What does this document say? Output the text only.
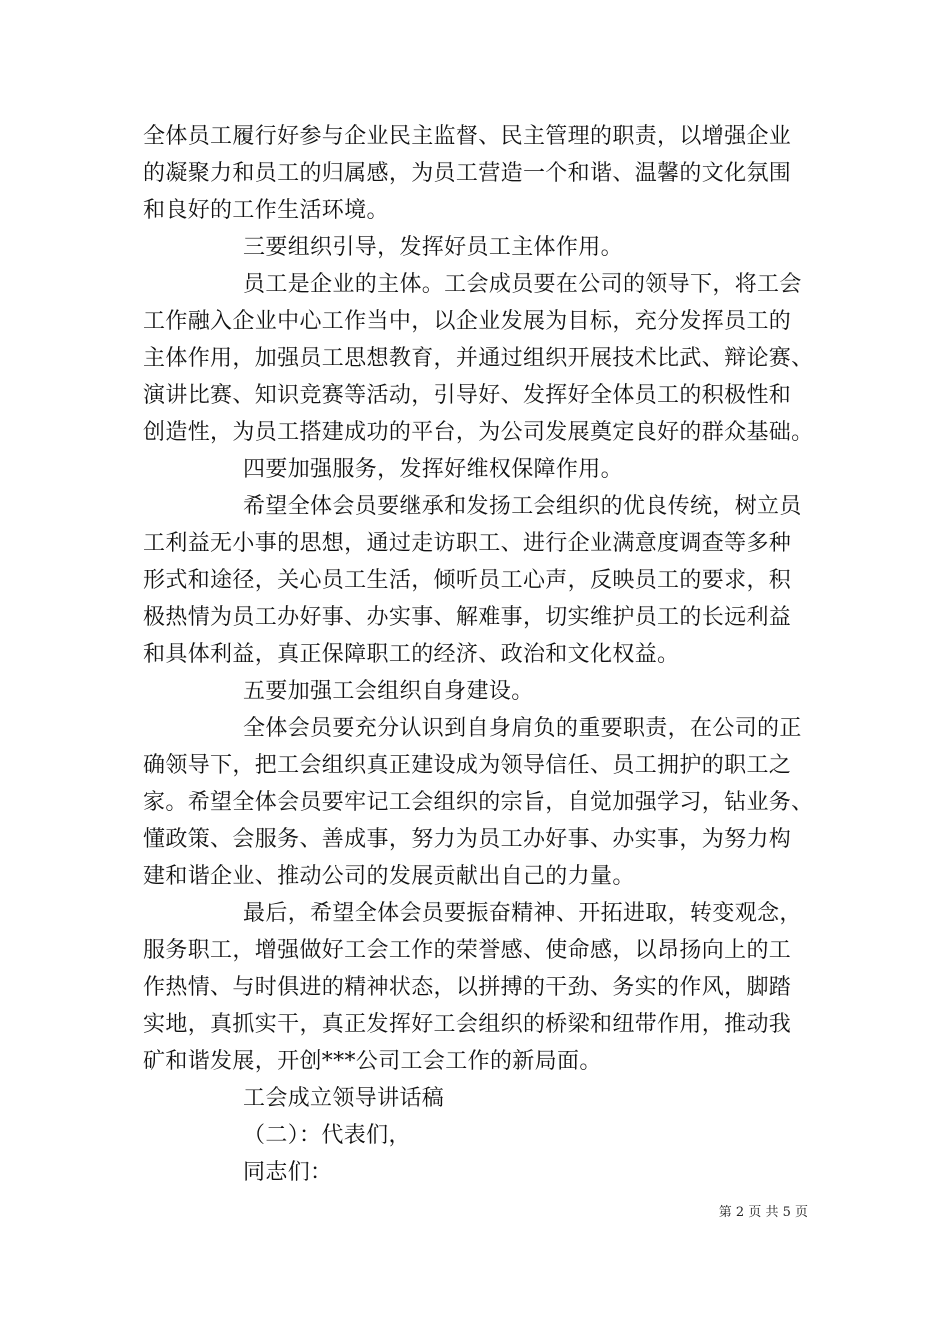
全体员工履行好参与企业民主监督、民主管理的职责，以增强企业
的凝聚力和员工的归属感，为员工营造一个和谐、温馨的文化氛围
和良好的工作生活环境。
三要组织引导，发挥好员工主体作用。
员工是企业的主体。工会成员要在公司的领导下，将工会
工作融入企业中心工作当中，以企业发展为目标，充分发挥员工的
主体作用，加强员工思想教育，并通过组织开展技术比武、辩论赛、
演讲比赛、知识竞赛等活动，引导好、发挥好全体员工的积极性和
创造性，为员工搭建成功的平台，为公司发展奠定良好的群众基础。
四要加强服务，发挥好维权保障作用。
希望全体会员要继承和发扬工会组织的优良传统，树立员
工利益无小事的思想，通过走访职工、进行企业满意度调查等多种
形式和途径，关心员工生活，倾听员工心声，反映员工的要求，积
极热情为员工办好事、办实事、解难事，切实维护员工的长远利益
和具体利益，真正保障职工的经济、政治和文化权益。
五要加强工会组织自身建设。
全体会员要充分认识到自身肩负的重要职责，在公司的正
确领导下，把工会组织真正建设成为领导信任、员工拥护的职工之
家。希望全体会员要牢记工会组织的宗旨，自觉加强学习，钻业务、
懂政策、会服务、善成事，努力为员工办好事、办实事，为努力构
建和谐企业、推动公司的发展贡献出自己的力量。
最后，希望全体会员要振奋精神、开拓进取，转变观念，
服务职工，增强做好工会工作的荣誉感、使命感，以昂扬向上的工
作热情、与时俱进的精神状态，以拼搏的干劲、务实的作风，脚踏
实地，真抓实干，真正发挥好工会组织的桥梁和纽带作用，推动我
矿和谐发展，开创***公司工会工作的新局面。
工会成立领导讲话稿
（二）：代表们，
同志们：
第 2 页 共 5 页
